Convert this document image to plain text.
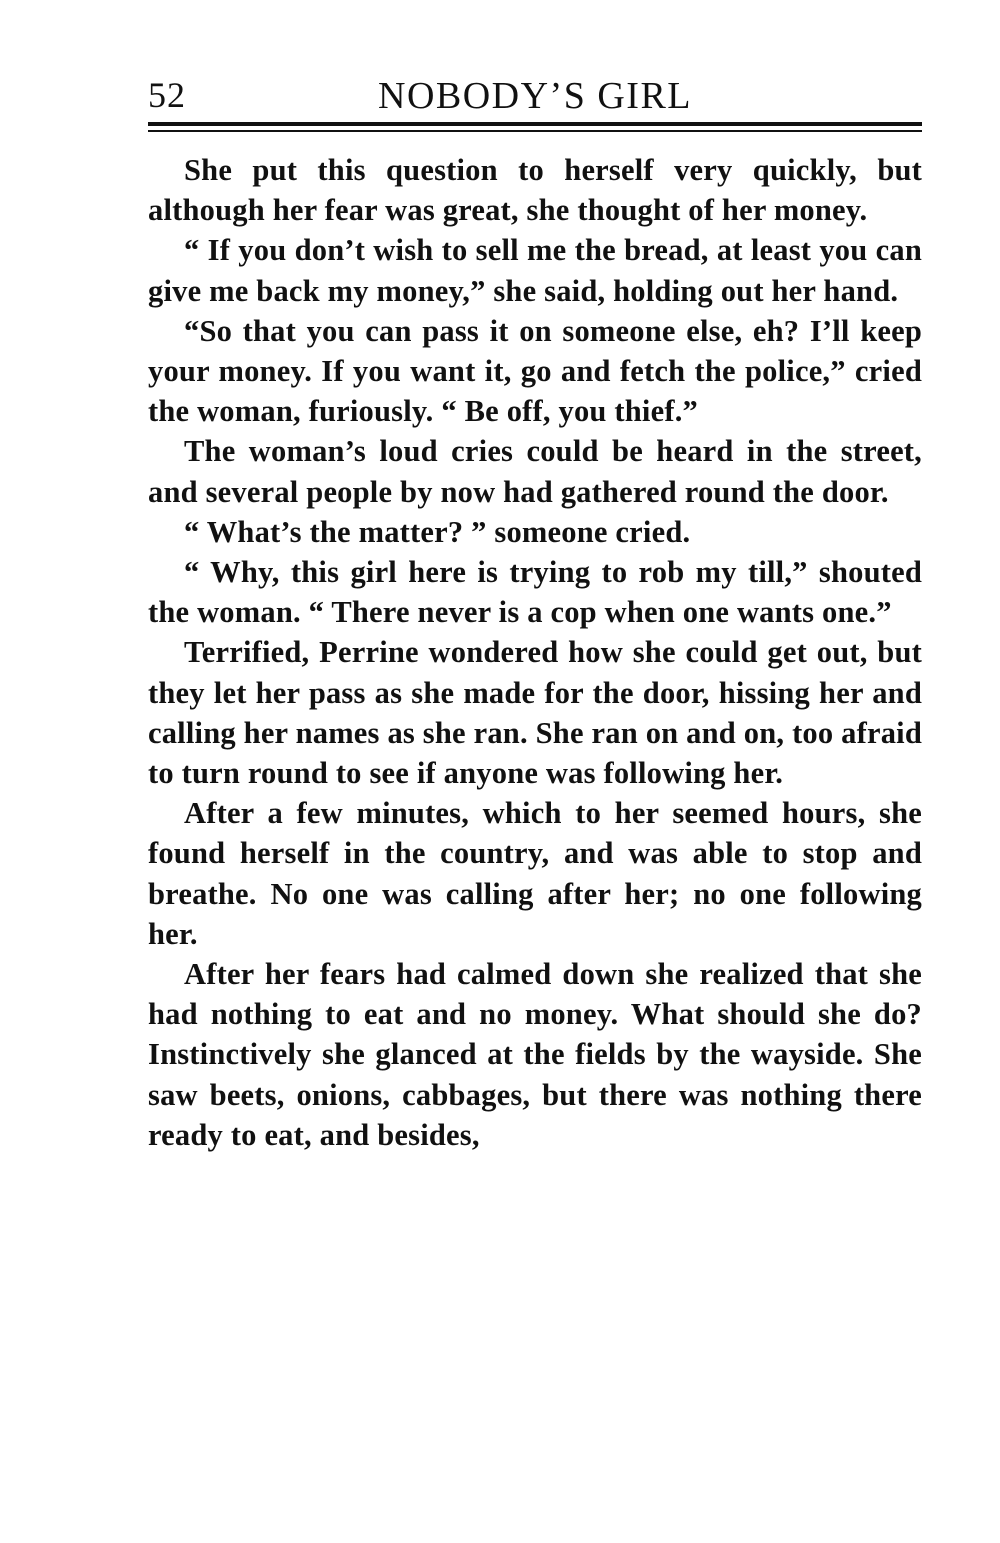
52	NOBODY’S GIRL

She put this question to herself very quickly, but although her fear was great, she thought of her money.

“ If you don’t wish to sell me the bread, at least you can give me back my money,” she said, holding out her hand.

“So that you can pass it on someone else, eh? I’ll keep your money. If you want it, go and fetch the police,” cried the woman, furiously. “ Be off, you thief.”

The woman’s loud cries could be heard in the street, and several people by now had gathered round the door.

“ What’s the matter? ” someone cried.

“ Why, this girl here is trying to rob my till,” shouted the woman. “ There never is a cop when one wants one.”

Terrified, Perrine wondered how she could get out, but they let her pass as she made for the door, hissing her and calling her names as she ran. She ran on and on, too afraid to turn round to see if anyone was following her.

After a few minutes, which to her seemed hours, she found herself in the country, and was able to stop and breathe. No one was calling after her; no one following her.

After her fears had calmed down she realized that she had nothing to eat and no money. What should she do? Instinctively she glanced at the fields by the wayside. She saw beets, onions, cabbages, but there was nothing there ready to eat, and besides,
